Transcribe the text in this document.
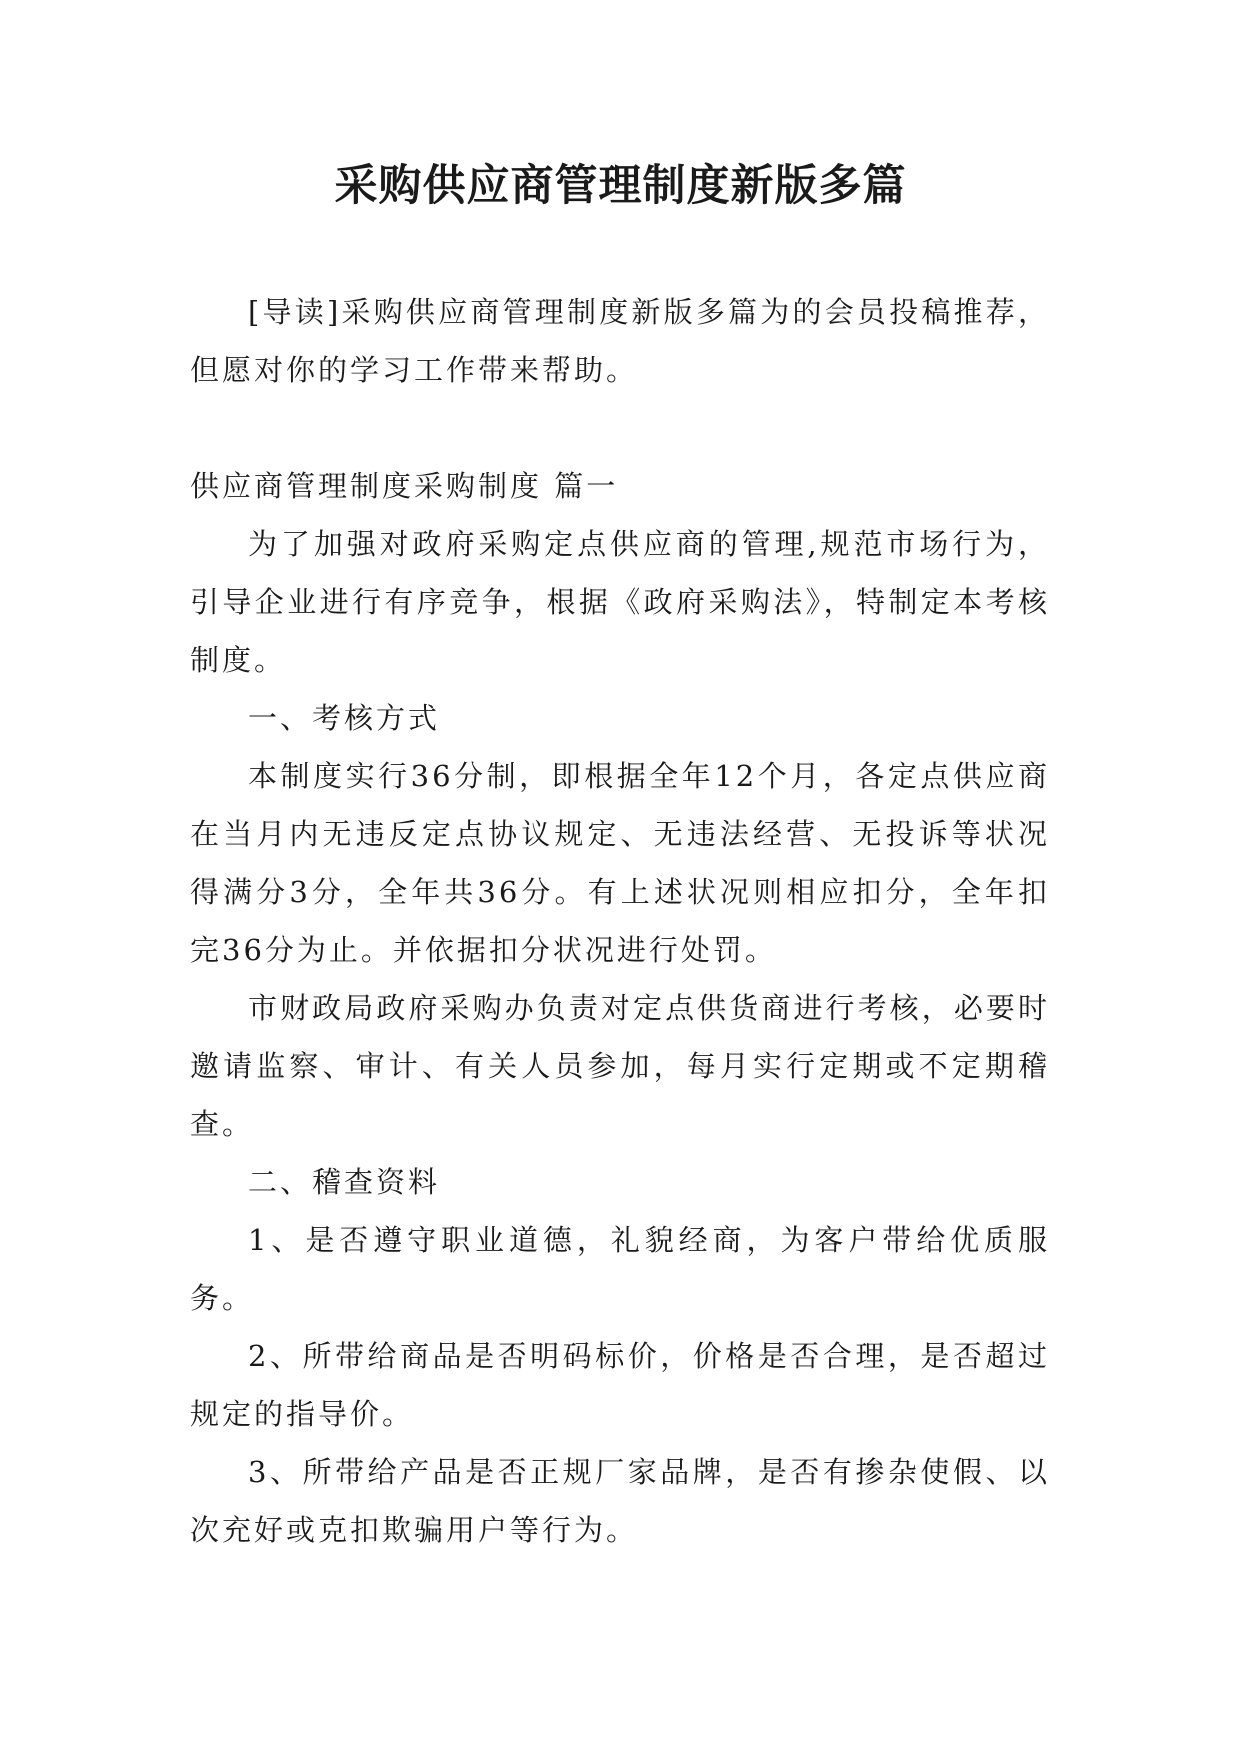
采购供应商管理制度新版多篇

[导读]采购供应商管理制度新版多篇为的会员投稿推荐，但愿对你的学习工作带来帮助。

供应商管理制度采购制度 篇一

为了加强对政府采购定点供应商的管理,规范市场行为，引导企业进行有序竞争，根据《政府采购法》，特制定本考核制度。

一、考核方式

本制度实行36分制，即根据全年12个月，各定点供应商在当月内无违反定点协议规定、无违法经营、无投诉等状况得满分3分，全年共36分。有上述状况则相应扣分，全年扣完36分为止。并依据扣分状况进行处罚。

市财政局政府采购办负责对定点供货商进行考核，必要时邀请监察、审计、有关人员参加，每月实行定期或不定期稽查。

二、稽查资料

1、是否遵守职业道德，礼貌经商，为客户带给优质服务。

2、所带给商品是否明码标价，价格是否合理，是否超过规定的指导价。

3、所带给产品是否正规厂家品牌，是否有掺杂使假、以次充好或克扣欺骗用户等行为。
